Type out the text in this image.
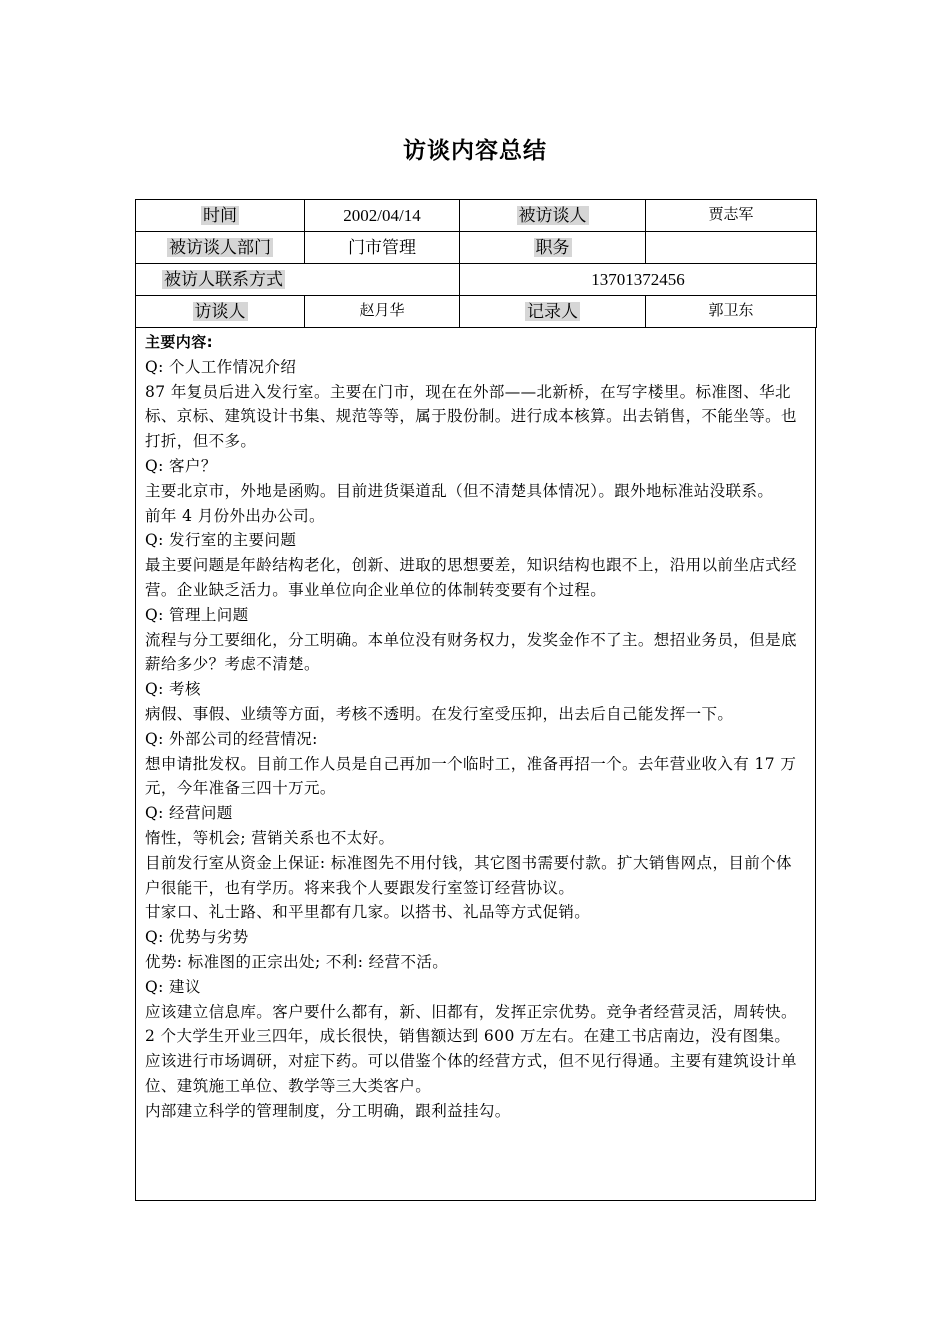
访谈内容总结
时间	2002/04/14	被访谈人	贾志军
被访谈人部门	门市管理	职务	
被访人联系方式		13701372456	
访谈人	赵月华	记录人	郭卫东
主要内容:

Q: 个人工作情况介绍

87 年复员后进入发行室。主要在门市，现在在外部——北新桥，在写字楼里。标准图、华北标、京标、建筑设计书集、规范等等，属于股份制。进行成本核算。出去销售，不能坐等。也打折，但不多。

Q: 客户？

主要北京市，外地是函购。目前进货渠道乱（但不清楚具体情况）。跟外地标准站没联系。

前年 4 月份外出办公司。

Q: 发行室的主要问题

最主要问题是年龄结构老化，创新、进取的思想要差，知识结构也跟不上，沿用以前坐店式经营。企业缺乏活力。事业单位向企业单位的体制转变要有个过程。

Q: 管理上问题

流程与分工要细化，分工明确。本单位没有财务权力，发奖金作不了主。想招业务员，但是底薪给多少？考虑不清楚。

Q: 考核

病假、事假、业绩等方面，考核不透明。在发行室受压抑，出去后自己能发挥一下。

Q: 外部公司的经营情况:

想申请批发权。目前工作人员是自己再加一个临时工，准备再招一个。去年营业收入有 17 万元，今年准备三四十万元。

Q: 经营问题

惰性，等机会; 营销关系也不太好。

目前发行室从资金上保证: 标准图先不用付钱，其它图书需要付款。扩大销售网点，目前个体户很能干，也有学历。将来我个人要跟发行室签订经营协议。

甘家口、礼士路、和平里都有几家。以搭书、礼品等方式促销。

Q: 优势与劣势

优势: 标准图的正宗出处; 不利: 经营不活。

Q: 建议

应该建立信息库。客户要什么都有，新、旧都有，发挥正宗优势。竞争者经营灵活，周转快。2 个大学生开业三四年，成长很快，销售额达到 600 万左右。在建工书店南边，没有图集。

应该进行市场调研，对症下药。可以借鉴个体的经营方式，但不见行得通。主要有建筑设计单位、建筑施工单位、教学等三大类客户。

内部建立科学的管理制度，分工明确，跟利益挂勾。
